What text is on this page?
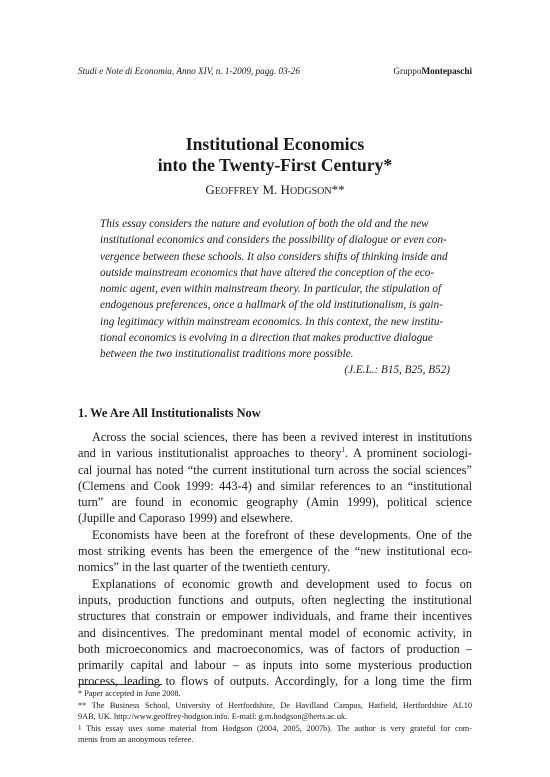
Studi e Note di Economia, Anno XIV, n. 1-2009, pagg. 03-26	GruppoMontepaschi
Institutional Economics
into the Twenty-First Century*
GEOFFREY M. HODGSON**
This essay considers the nature and evolution of both the old and the new
institutional economics and considers the possibility of dialogue or even con-
vergence between these schools. It also considers shifts of thinking inside and
outside mainstream economics that have altered the conception of the eco-
nomic agent, even within mainstream theory. In particular, the stipulation of
endogenous preferences, once a hallmark of the old institutionalism, is gain-
ing legitimacy within mainstream economics. In this context, the new institu-
tional economics is evolving in a direction that makes productive dialogue
between the two institutionalist traditions more possible.
(J.E.L.: B15, B25, B52)
1. We Are All Institutionalists Now
Across the social sciences, there has been a revived interest in institutions
and in various institutionalist approaches to theory$^1$. A prominent sociologi-
cal journal has noted “the current institutional turn across the social sciences”
(Clemens and Cook 1999: 443-4) and similar references to an “institutional
turn” are found in economic geography (Amin 1999), political science
(Jupille and Caporaso 1999) and elsewhere.
Economists have been at the forefront of these developments. One of the
most striking events has been the emergence of the “new institutional eco-
nomics” in the last quarter of the twentieth century.
Explanations of economic growth and development used to focus on
inputs, production functions and outputs, often neglecting the institutional
structures that constrain or empower individuals, and frame their incentives
and disincentives. The predominant mental model of economic activity, in
both microeconomics and macroeconomics, was of factors of production –
primarily capital and labour – as inputs into some mysterious production
process, leading to flows of outputs. Accordingly, for a long time the firm
* Paper accepted in June 2008.
** The Business School, University of Hertfordshire, De Havilland Campus, Hatfield, Hertfordshire AL10
9AB, UK. http://www.geoffrey-hodgson.info. E-mail: g.m.hodgson@herts.ac.uk.
$^1$ This essay uses some material from Hodgson (2004, 2005, 2007b). The author is very grateful for com-
ments from an anonymous referee.
